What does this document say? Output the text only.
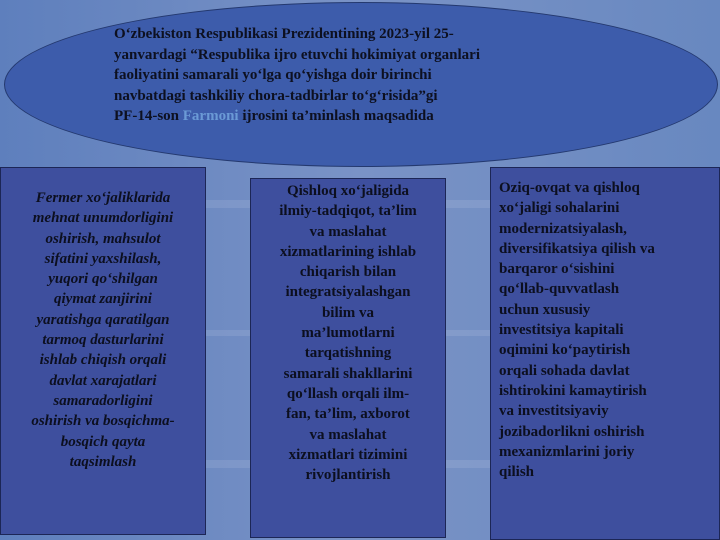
O‘zbekiston Respublikasi Prezidentining 2023-yil 25-
yanvardagi “Respublika ijro etuvchi hokimiyat organlari
faoliyatini samarali yo‘lga qo‘yishga doir birinchi
navbatdagi tashkiliy chora-tadbirlar to‘g‘risida”gi
PF-14-son Farmoni ijrosini ta’minlash maqsadida
Fermer xo‘jaliklarida
mehnat unumdorligini
oshirish, mahsulot
sifatini yaxshilash,
yuqori qo‘shilgan
qiymat zanjirini
yaratishga qaratilgan
tarmoq dasturlarini
ishlab chiqish orqali
davlat xarajatlari
samaradorligini
oshirish va bosqichma-
bosqich qayta
taqsimlash
Qishloq xo‘jaligida
ilmiy-tadqiqot, ta’lim
va maslahat
xizmatlarining ishlab
chiqarish bilan
integratsiyalashgan
bilim va
ma’lumotlarni
tarqatishning
samarali shakllarini
qo‘llash orqali ilm-
fan, ta’lim, axborot
va maslahat
xizmatlari tizimini
rivojlantirish
Oziq-ovqat va qishloq
xo‘jaligi sohalarini
modernizatsiyalash,
diversifikatsiya qilish va
barqaror o‘sishini
qo‘llab-quvvatlash
uchun xususiy
investitsiya kapitali
oqimini ko‘paytirish
orqali sohada davlat
ishtirokini kamaytirish
va investitsiyaviy
jozibadorlikni oshirish
mexanizmlarini joriy
qilish
